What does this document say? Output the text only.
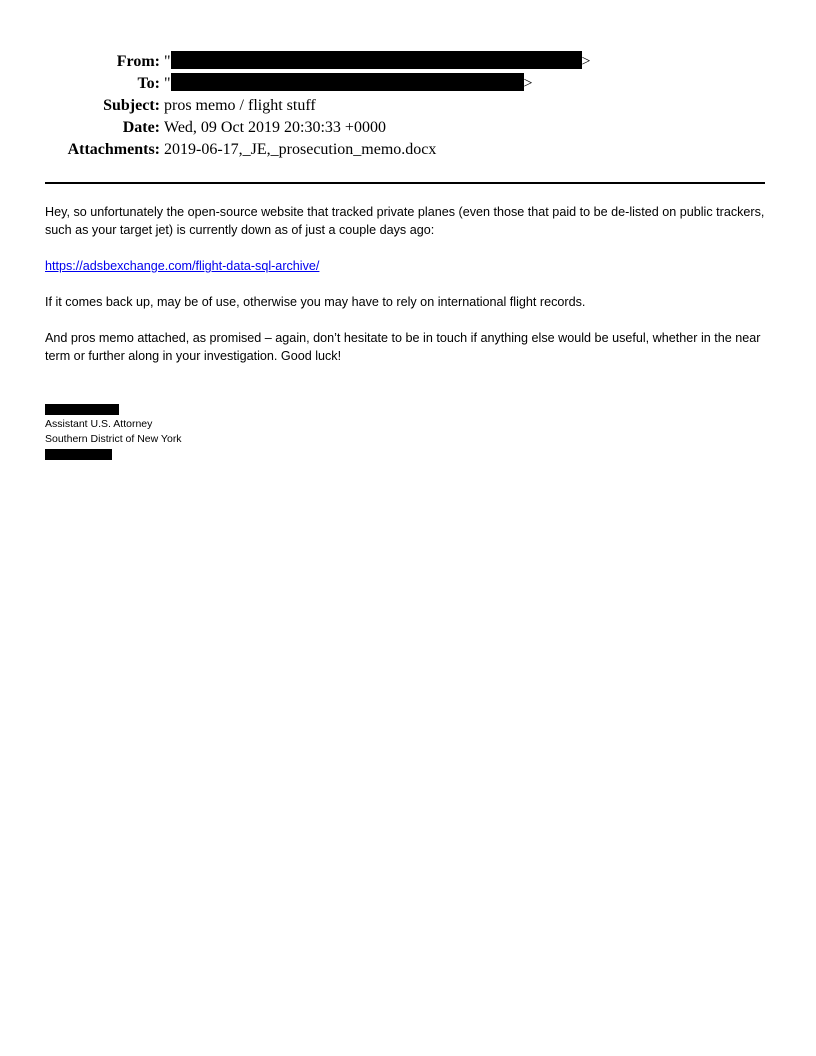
From: "	>
To: "	>
Subject: pros memo / flight stuff
Date: Wed, 09 Oct 2019 20:30:33 +0000
Attachments: 2019-06-17,_JE,_prosecution_memo.docx

Hey, so unfortunately the open-source website that tracked private planes (even those that paid to be de-listed on public trackers, such as your target jet) is currently down as of just a couple days ago:

https://adsbexchange.com/flight-data-sql-archive/

If it comes back up, may be of use, otherwise you may have to rely on international flight records.

And pros memo attached, as promised – again, don’t hesitate to be in touch if anything else would be useful, whether in the near term or further along in your investigation. Good luck!

Assistant U.S. Attorney
Southern District of New York
